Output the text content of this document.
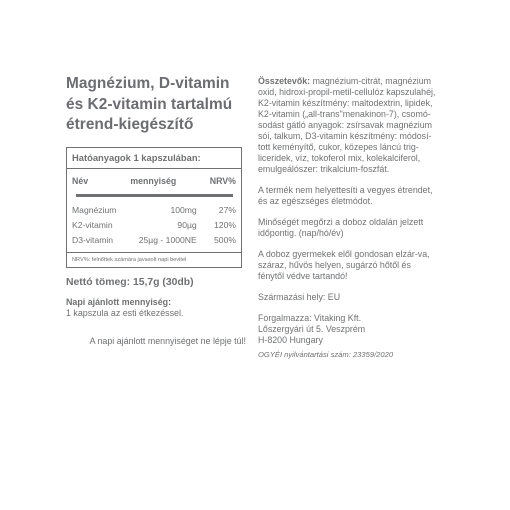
Magnézium, D-vitamin
és K2-vitamin tartalmú
étrend-kiegészítő
Hatóanyagok 1 kapszulában:
Név	mennyiség	NRV%

Magnézium	100mg	27%
K2-vitamin	90µg	120%
D3-vitamin	25µg - 1000NE	500%
NRV%: felnőttek számára javasolt napi bevitel
Nettó tömeg: 15,7g (30db)
Napi ajánlott mennyiség:
1 kapszula az esti étkezéssel.
A napi ajánlott mennyiséget ne lépje túl!

Összetevők: magnézium-citrát, magnézium
oxid, hidroxi-propil-metil-cellulóz kapszulahéj,
K2-vitamin készítmény: maltodextrin, lipidek,
K2-vitamin („all-trans"menakinon-7), csomó-
sodást gátló anyagok: zsírsavak magnézium
sói, talkum, D3-vitamin készítmény: módosí-
tott keményítő, cukor, közepes láncú trig-
liceridek, víz, tokoferol mix, kolekalciferol,
emulgeálószer: trikalcium-foszfát.

A termék nem helyettesíti a vegyes étrendet, és az egészséges életmódot.

Minőségét megőrzi a doboz oldalán jelzett időpontig. (nap/hó/év)

A doboz gyermekek elől gondosan elzár-va, száraz, hűvös helyen, sugárzó hőtől és fénytől védve tartandó!

Származási hely: EU

Forgalmazza: Vitaking Kft.
Lőszergyári út 5. Veszprém
H-8200 Hungary

OGYÉI nyilvántartási szám: 23359/2020
